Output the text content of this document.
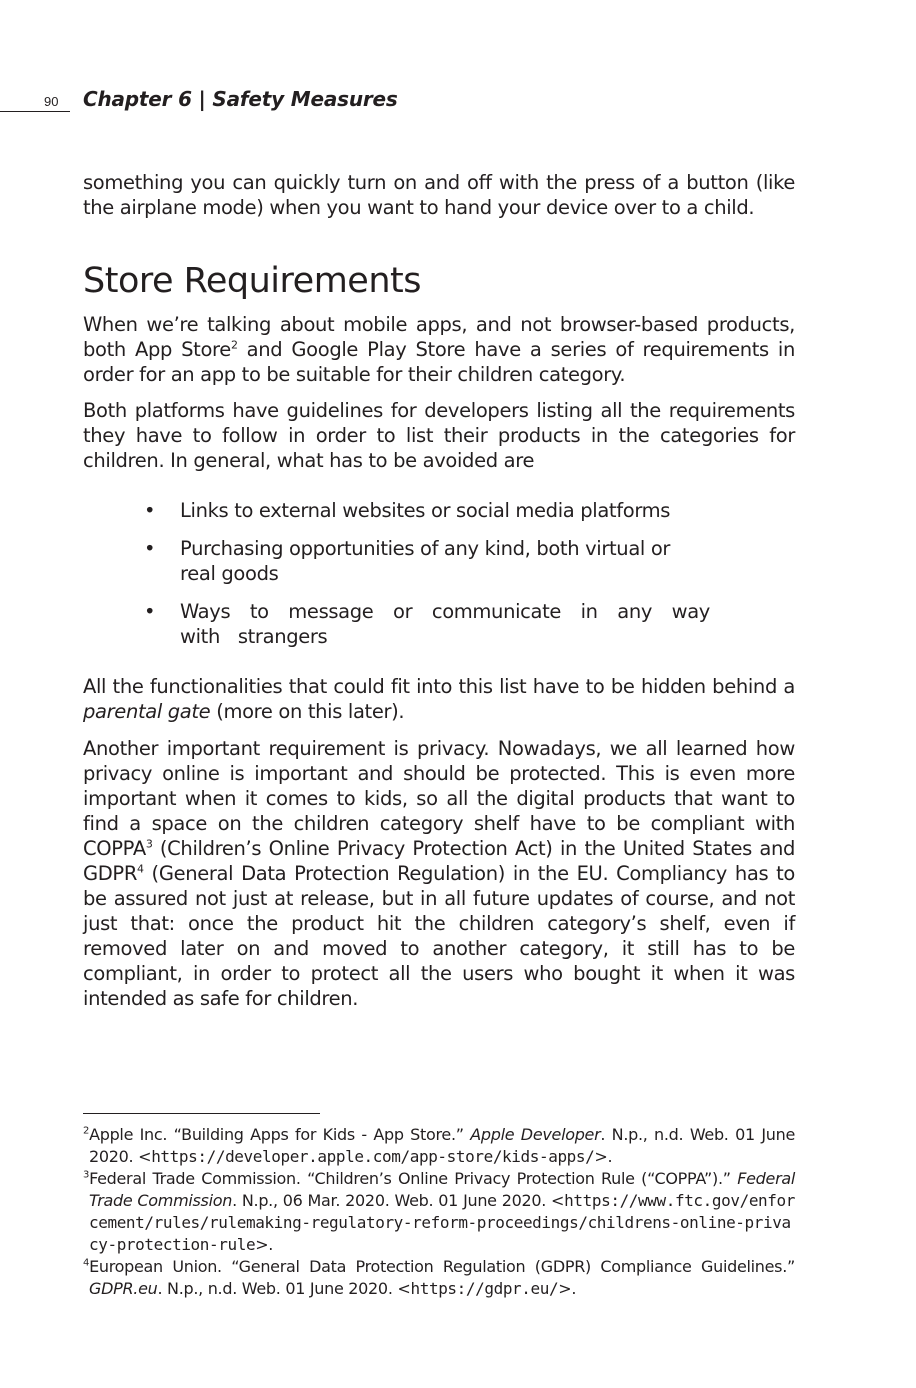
90 Chapter 6 | Safety Measures

something you can quickly turn on and off with the press of a button (like the airplane mode) when you want to hand your device over to a child.

Store Requirements

When we’re talking about mobile apps, and not browser-based products, both App Store$^2$ and Google Play Store have a series of requirements in order for an app to be suitable for their children category.

Both platforms have guidelines for developers listing all the requirements they have to follow in order to list their products in the categories for children. In general, what has to be avoided are

• Links to external websites or social media platforms
• Purchasing opportunities of any kind, both virtual or real goods
• Ways to message or communicate in any way with strangers

All the functionalities that could fit into this list have to be hidden behind a parental gate (more on this later).

Another important requirement is privacy. Nowadays, we all learned how privacy online is important and should be protected. This is even more important when it comes to kids, so all the digital products that want to find a space on the children category shelf have to be compliant with COPPA$^3$ (Children’s Online Privacy Protection Act) in the United States and GDPR$^4$ (General Data Protection Regulation) in the EU. Compliancy has to be assured not just at release, but in all future updates of course, and not just that: once the product hit the children category’s shelf, even if removed later on and moved to another category, it still has to be compliant, in order to protect all the users who bought it when it was intended as safe for children.

$^2$Apple Inc. “Building Apps for Kids - App Store.” Apple Developer. N.p., n.d. Web. 01 June 2020. <https://developer.apple.com/app-store/kids-apps/>.
$^3$Federal Trade Commission. “Children’s Online Privacy Protection Rule (“COPPA”).” Federal Trade Commission. N.p., 06 Mar. 2020. Web. 01 June 2020. <https://www.ftc.gov/enforcement/rules/rulemaking-regulatory-reform-proceedings/childrens-online-privacy-protection-rule>.
$^4$European Union. “General Data Protection Regulation (GDPR) Compliance Guidelines.” GDPR.eu. N.p., n.d. Web. 01 June 2020. <https://gdpr.eu/>.
